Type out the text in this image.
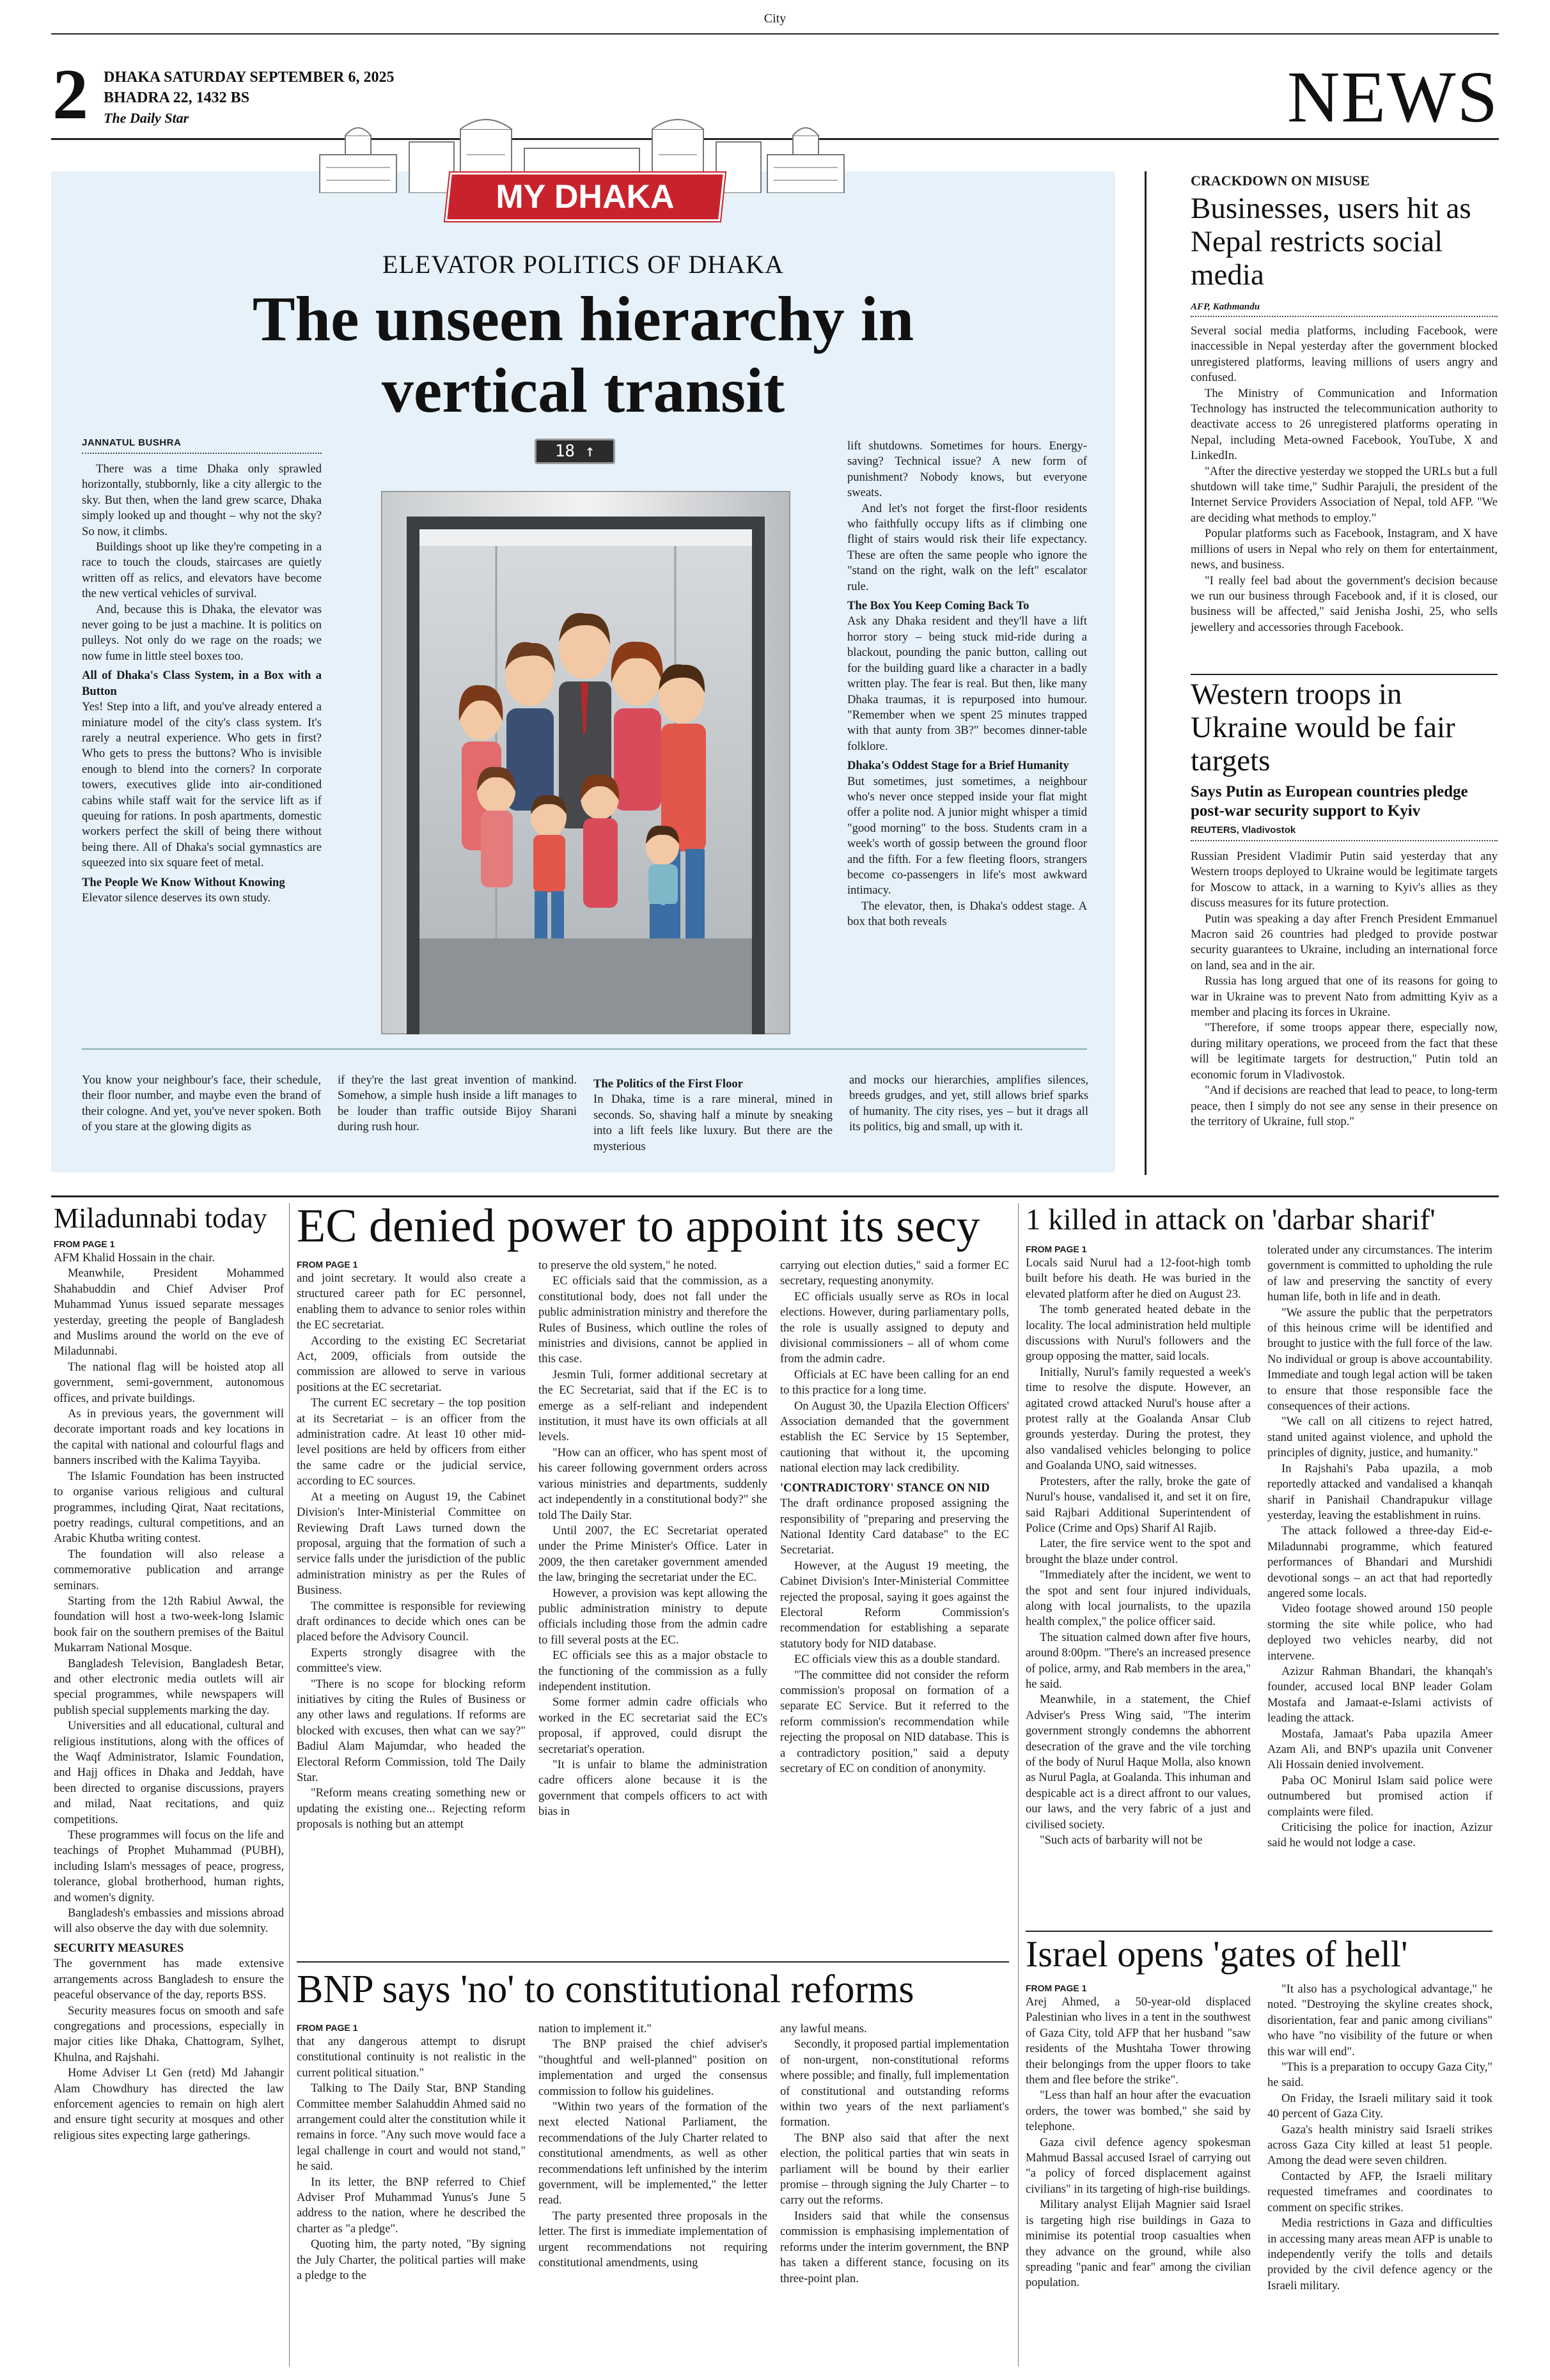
City
2 DHAKA SATURDAY SEPTEMBER 6, 2025
BHADRA 22, 1432 BS
The Daily Star	NEWS
MY DHAKA
ELEVATOR POLITICS OF DHAKA
The unseen hierarchy in
vertical transit
JANNATUL BUSHRA

There was a time Dhaka only sprawled horizontally, stubbornly, like a city allergic to the sky. But then, when the land grew scarce, Dhaka simply looked up and thought – why not the sky? So now, it climbs.

Buildings shoot up like they're competing in a race to touch the clouds, staircases are quietly written off as relics, and elevators have become the new vertical vehicles of survival.

And, because this is Dhaka, the elevator was never going to be just a machine. It is politics on pulleys. Not only do we rage on the roads; we now fume in little steel boxes too.

All of Dhaka's Class System, in a Box with a Button

Yes! Step into a lift, and you've already entered a miniature model of the city's class system. It's rarely a neutral experience. Who gets in first? Who gets to press the buttons? Who is invisible enough to blend into the corners? In corporate towers, executives glide into air-conditioned cabins while staff wait for the service lift as if queuing for rations. In posh apartments, domestic workers perfect the skill of being there without being there. All of Dhaka's social gymnastics are squeezed into six square feet of metal.

The People We Know Without Knowing

Elevator silence deserves its own study.

18 ↑	lift shutdowns. Sometimes for hours. Energy-saving? Technical issue? A new form of punishment? Nobody knows, but everyone sweats.

And let's not forget the first-floor residents who faithfully occupy lifts as if climbing one flight of stairs would risk their life expectancy. These are often the same people who ignore the "stand on the right, walk on the left" escalator rule.

The Box You Keep Coming Back To

Ask any Dhaka resident and they'll have a lift horror story – being stuck mid-ride during a blackout, pounding the panic button, calling out for the building guard like a character in a badly written play. The fear is real. But then, like many Dhaka traumas, it is repurposed into humour. "Remember when we spent 25 minutes trapped with that aunty from 3B?" becomes dinner-table folklore.

Dhaka's Oddest Stage for a Brief Humanity

But sometimes, just sometimes, a neighbour who's never once stepped inside your flat might offer a polite nod. A junior might whisper a timid "good morning" to the boss. Students cram in a week's worth of gossip between the ground floor and the fifth. For a few fleeting floors, strangers become co-passengers in life's most awkward intimacy.

The elevator, then, is Dhaka's oddest stage. A box that both reveals

You know your neighbour's face, their schedule, their floor number, and maybe even the brand of their cologne. And yet, you've never spoken. Both of you stare at the glowing digits as

if they're the last great invention of mankind. Somehow, a simple hush inside a lift manages to be louder than traffic outside Bijoy Sharani during rush hour.

The Politics of the First Floor

In Dhaka, time is a rare mineral, mined in seconds. So, shaving half a minute by sneaking into a lift feels like luxury. But there are the mysterious

and mocks our hierarchies, amplifies silences, breeds grudges, and yet, still allows brief sparks of humanity. The city rises, yes – but it drags all its politics, big and small, up with it.

CRACKDOWN ON MISUSE
Businesses, users hit as Nepal restricts social media
AFP, Kathmandu

Several social media platforms, including Facebook, were inaccessible in Nepal yesterday after the government blocked unregistered platforms, leaving millions of users angry and confused.

The Ministry of Communication and Information Technology has instructed the telecommunication authority to deactivate access to 26 unregistered platforms operating in Nepal, including Meta-owned Facebook, YouTube, X and LinkedIn.

"After the directive yesterday we stopped the URLs but a full shutdown will take time," Sudhir Parajuli, the president of the Internet Service Providers Association of Nepal, told AFP. "We are deciding what methods to employ."

Popular platforms such as Facebook, Instagram, and X have millions of users in Nepal who rely on them for entertainment, news, and business.

"I really feel bad about the government's decision because we run our business through Facebook and, if it is closed, our business will be affected," said Jenisha Joshi, 25, who sells jewellery and accessories through Facebook.

Western troops in Ukraine would be fair targets
Says Putin as European countries pledge post-war security support to Kyiv
REUTERS, Vladivostok

Russian President Vladimir Putin said yesterday that any Western troops deployed to Ukraine would be legitimate targets for Moscow to attack, in a warning to Kyiv's allies as they discuss measures for its future protection.

Putin was speaking a day after French President Emmanuel Macron said 26 countries had pledged to provide postwar security guarantees to Ukraine, including an international force on land, sea and in the air.

Russia has long argued that one of its reasons for going to war in Ukraine was to prevent Nato from admitting Kyiv as a member and placing its forces in Ukraine.

"Therefore, if some troops appear there, especially now, during military operations, we proceed from the fact that these will be legitimate targets for destruction," Putin told an economic forum in Vladivostok.

"And if decisions are reached that lead to peace, to long-term peace, then I simply do not see any sense in their presence on the territory of Ukraine, full stop."

Miladunnabi today

FROM PAGE 1

AFM Khalid Hossain in the chair.

Meanwhile, President Mohammed Shahabuddin and Chief Adviser Prof Muhammad Yunus issued separate messages yesterday, greeting the people of Bangladesh and Muslims around the world on the eve of Miladunnabi.

The national flag will be hoisted atop all government, semi-government, autonomous offices, and private buildings.

As in previous years, the government will decorate important roads and key locations in the capital with national and colourful flags and banners inscribed with the Kalima Tayyiba.

The Islamic Foundation has been instructed to organise various religious and cultural programmes, including Qirat, Naat recitations, poetry readings, cultural competitions, and an Arabic Khutba writing contest.

The foundation will also release a commemorative publication and arrange seminars.

Starting from the 12th Rabiul Awwal, the foundation will host a two-week-long Islamic book fair on the southern premises of the Baitul Mukarram National Mosque.

Bangladesh Television, Bangladesh Betar, and other electronic media outlets will air special programmes, while newspapers will publish special supplements marking the day.

Universities and all educational, cultural and religious institutions, along with the offices of the Waqf Administrator, Islamic Foundation, and Hajj offices in Dhaka and Jeddah, have been directed to organise discussions, prayers and milad, Naat recitations, and quiz competitions.

These programmes will focus on the life and teachings of Prophet Muhammad (PUBH), including Islam's messages of peace, progress, tolerance, global brotherhood, human rights, and women's dignity.

Bangladesh's embassies and missions abroad will also observe the day with due solemnity.

SECURITY MEASURES

The government has made extensive arrangements across Bangladesh to ensure the peaceful observance of the day, reports BSS.

Security measures focus on smooth and safe congregations and processions, especially in major cities like Dhaka, Chattogram, Sylhet, Khulna, and Rajshahi.

Home Adviser Lt Gen (retd) Md Jahangir Alam Chowdhury has directed the law enforcement agencies to remain on high alert and ensure tight security at mosques and other religious sites expecting large gatherings.

EC denied power to appoint its secy

FROM PAGE 1

and joint secretary. It would also create a structured career path for EC personnel, enabling them to advance to senior roles within the EC secretariat.

According to the existing EC Secretariat Act, 2009, officials from outside the commission are allowed to serve in various positions at the EC secretariat.

The current EC secretary – the top position at its Secretariat – is an officer from the administration cadre. At least 10 other mid-level positions are held by officers from either the same cadre or the judicial service, according to EC sources.

At a meeting on August 19, the Cabinet Division's Inter-Ministerial Committee on Reviewing Draft Laws turned down the proposal, arguing that the formation of such a service falls under the jurisdiction of the public administration ministry as per the Rules of Business.

The committee is responsible for reviewing draft ordinances to decide which ones can be placed before the Advisory Council.

Experts strongly disagree with the committee's view.

"There is no scope for blocking reform initiatives by citing the Rules of Business or any other laws and regulations. If reforms are blocked with excuses, then what can we say?" Badiul Alam Majumdar, who headed the Electoral Reform Commission, told The Daily Star.

"Reform means creating something new or updating the existing one... Rejecting reform proposals is nothing but an attempt

to preserve the old system," he noted.

EC officials said that the commission, as a constitutional body, does not fall under the public administration ministry and therefore the Rules of Business, which outline the roles of ministries and divisions, cannot be applied in this case.

Jesmin Tuli, former additional secretary at the EC Secretariat, said that if the EC is to emerge as a self-reliant and independent institution, it must have its own officials at all levels.

"How can an officer, who has spent most of his career following government orders across various ministries and departments, suddenly act independently in a constitutional body?" she told The Daily Star.

Until 2007, the EC Secretariat operated under the Prime Minister's Office. Later in 2009, the then caretaker government amended the law, bringing the secretariat under the EC.

However, a provision was kept allowing the public administration ministry to depute officials including those from the admin cadre to fill several posts at the EC.

EC officials see this as a major obstacle to the functioning of the commission as a fully independent institution.

Some former admin cadre officials who worked in the EC secretariat said the EC's proposal, if approved, could disrupt the secretariat's operation.

"It is unfair to blame the administration cadre officers alone because it is the government that compels officers to act with bias in

carrying out election duties," said a former EC secretary, requesting anonymity.

EC officials usually serve as ROs in local elections. However, during parliamentary polls, the role is usually assigned to deputy and divisional commissioners – all of whom come from the admin cadre.

Officials at EC have been calling for an end to this practice for a long time.

On August 30, the Upazila Election Officers' Association demanded that the government establish the EC Service by 15 September, cautioning that without it, the upcoming national election may lack credibility.

'CONTRADICTORY' STANCE ON NID

The draft ordinance proposed assigning the responsibility of "preparing and preserving the National Identity Card database" to the EC Secretariat.

However, at the August 19 meeting, the Cabinet Division's Inter-Ministerial Committee rejected the proposal, saying it goes against the Electoral Reform Commission's recommendation for establishing a separate statutory body for NID database.

EC officials view this as a double standard.

"The committee did not consider the reform commission's proposal on formation of a separate EC Service. But it referred to the reform commission's recommendation while rejecting the proposal on NID database. This is a contradictory position," said a deputy secretary of EC on condition of anonymity.

BNP says 'no' to constitutional reforms

FROM PAGE 1

that any dangerous attempt to disrupt constitutional continuity is not realistic in the current political situation."

Talking to The Daily Star, BNP Standing Committee member Salahuddin Ahmed said no arrangement could alter the constitution while it remains in force. "Any such move would face a legal challenge in court and would not stand," he said.

In its letter, the BNP referred to Chief Adviser Prof Muhammad Yunus's June 5 address to the nation, where he described the charter as "a pledge".

Quoting him, the party noted, "By signing the July Charter, the political parties will make a pledge to the

nation to implement it."

The BNP praised the chief adviser's "thoughtful and well-planned" position on implementation and urged the consensus commission to follow his guidelines.

"Within two years of the formation of the next elected National Parliament, the recommendations of the July Charter related to constitutional amendments, as well as other recommendations left unfinished by the interim government, will be implemented," the letter read.

The party presented three proposals in the letter. The first is immediate implementation of urgent recommendations not requiring constitutional amendments, using

any lawful means.

Secondly, it proposed partial implementation of non-urgent, non-constitutional reforms where possible; and finally, full implementation of constitutional and outstanding reforms within two years of the next parliament's formation.

The BNP also said that after the next election, the political parties that win seats in parliament will be bound by their earlier promise – through signing the July Charter – to carry out the reforms.

Insiders said that while the consensus commission is emphasising implementation of reforms under the interim government, the BNP has taken a different stance, focusing on its three-point plan.

1 killed in attack on 'darbar sharif'

FROM PAGE 1

Locals said Nurul had a 12-foot-high tomb built before his death. He was buried in the elevated platform after he died on August 23.

The tomb generated heated debate in the locality. The local administration held multiple discussions with Nurul's followers and the group opposing the matter, said locals.

Initially, Nurul's family requested a week's time to resolve the dispute. However, an agitated crowd attacked Nurul's house after a protest rally at the Goalanda Ansar Club grounds yesterday. During the protest, they also vandalised vehicles belonging to police and Goalanda UNO, said witnesses.

Protesters, after the rally, broke the gate of Nurul's house, vandalised it, and set it on fire, said Rajbari Additional Superintendent of Police (Crime and Ops) Sharif Al Rajib.

Later, the fire service went to the spot and brought the blaze under control.

"Immediately after the incident, we went to the spot and sent four injured individuals, along with local journalists, to the upazila health complex," the police officer said.

The situation calmed down after five hours, around 8:00pm. "There's an increased presence of police, army, and Rab members in the area," he said.

Meanwhile, in a statement, the Chief Adviser's Press Wing said, "The interim government strongly condemns the abhorrent desecration of the grave and the vile torching of the body of Nurul Haque Molla, also known as Nurul Pagla, at Goalanda. This inhuman and despicable act is a direct affront to our values, our laws, and the very fabric of a just and civilised society.

"Such acts of barbarity will not be

tolerated under any circumstances. The interim government is committed to upholding the rule of law and preserving the sanctity of every human life, both in life and in death.

"We assure the public that the perpetrators of this heinous crime will be identified and brought to justice with the full force of the law. No individual or group is above accountability. Immediate and tough legal action will be taken to ensure that those responsible face the consequences of their actions.

"We call on all citizens to reject hatred, stand united against violence, and uphold the principles of dignity, justice, and humanity."

In Rajshahi's Paba upazila, a mob reportedly attacked and vandalised a khanqah sharif in Panishail Chandrapukur village yesterday, leaving the establishment in ruins.

The attack followed a three-day Eid-e-Miladunnabi programme, which featured performances of Bhandari and Murshidi devotional songs – an act that had reportedly angered some locals.

Video footage showed around 150 people storming the site while police, who had deployed two vehicles nearby, did not intervene.

Azizur Rahman Bhandari, the khanqah's founder, accused local BNP leader Golam Mostafa and Jamaat-e-Islami activists of leading the attack.

Mostafa, Jamaat's Paba upazila Ameer Azam Ali, and BNP's upazila unit Convener Ali Hossain denied involvement.

Paba OC Monirul Islam said police were outnumbered but promised action if complaints were filed.

Criticising the police for inaction, Azizur said he would not lodge a case.

Israel opens 'gates of hell'

FROM PAGE 1

Arej Ahmed, a 50-year-old displaced Palestinian who lives in a tent in the southwest of Gaza City, told AFP that her husband "saw residents of the Mushtaha Tower throwing their belongings from the upper floors to take them and flee before the strike".

"Less than half an hour after the evacuation orders, the tower was bombed," she said by telephone.

Gaza civil defence agency spokesman Mahmud Bassal accused Israel of carrying out "a policy of forced displacement against civilians" in its targeting of high-rise buildings.

Military analyst Elijah Magnier said Israel is targeting high rise buildings in Gaza to minimise its potential troop casualties when they advance on the ground, while also spreading "panic and fear" among the civilian population.

"It also has a psychological advantage," he noted. "Destroying the skyline creates shock, disorientation, fear and panic among civilians" who have "no visibility of the future or when this war will end".

"This is a preparation to occupy Gaza City," he said.

On Friday, the Israeli military said it took 40 percent of Gaza City.

Gaza's health ministry said Israeli strikes across Gaza City killed at least 51 people. Among the dead were seven children.

Contacted by AFP, the Israeli military requested timeframes and coordinates to comment on specific strikes.

Media restrictions in Gaza and difficulties in accessing many areas mean AFP is unable to independently verify the tolls and details provided by the civil defence agency or the Israeli military.
